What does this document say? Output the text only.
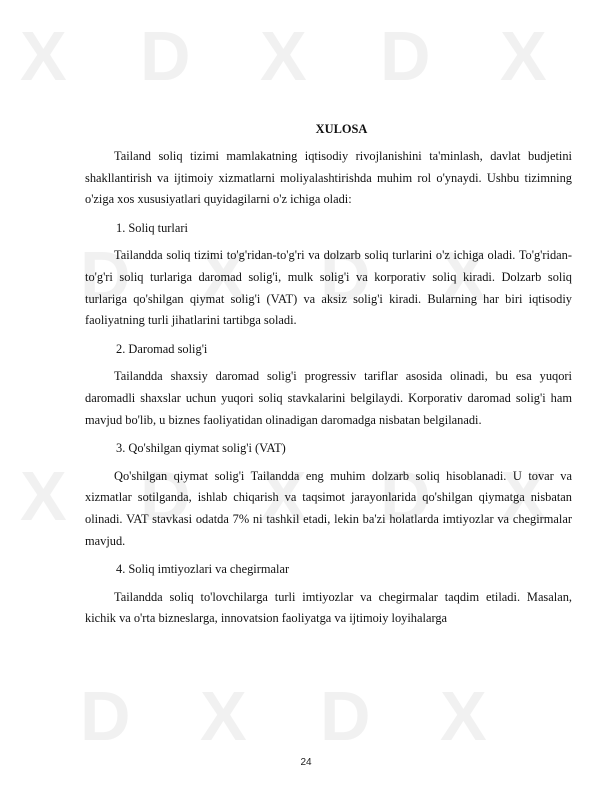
X D X D X
D X D X
X D X D X
D X D X
XULOSA

Tailand soliq tizimi mamlakatning iqtisodiy rivojlanishini ta'minlash, davlat budjetini shakllantirish va ijtimoiy xizmatlarni moliyalashtirishda muhim rol o'ynaydi. Ushbu tizimning o'ziga xos xususiyatlari quyidagilarni o'z ichiga oladi:

1. Soliq turlari

Tailandda soliq tizimi to'g'ridan-to'g'ri va dolzarb soliq turlarini o'z ichiga oladi. To'g'ridan-to'g'ri soliq turlariga daromad solig'i, mulk solig'i va korporativ soliq kiradi. Dolzarb soliq turlariga qo'shilgan qiymat solig'i (VAT) va aksiz solig'i kiradi. Bularning har biri iqtisodiy faoliyatning turli jihatlarini tartibga soladi.

2. Daromad solig'i

Tailandda shaxsiy daromad solig'i progressiv tariflar asosida olinadi, bu esa yuqori daromadli shaxslar uchun yuqori soliq stavkalarini belgilaydi. Korporativ daromad solig'i ham mavjud bo'lib, u biznes faoliyatidan olinadigan daromadga nisbatan belgilanadi.

3. Qo'shilgan qiymat solig'i (VAT)

Qo'shilgan qiymat solig'i Tailandda eng muhim dolzarb soliq hisoblanadi. U tovar va xizmatlar sotilganda, ishlab chiqarish va taqsimot jarayonlarida qo'shilgan qiymatga nisbatan olinadi. VAT stavkasi odatda 7% ni tashkil etadi, lekin ba'zi holatlarda imtiyozlar va chegirmalar mavjud.

4. Soliq imtiyozlari va chegirmalar

Tailandda soliq to'lovchilarga turli imtiyozlar va chegirmalar taqdim etiladi. Masalan, kichik va o'rta bizneslarga, innovatsion faoliyatga va ijtimoiy loyihalarga

24
